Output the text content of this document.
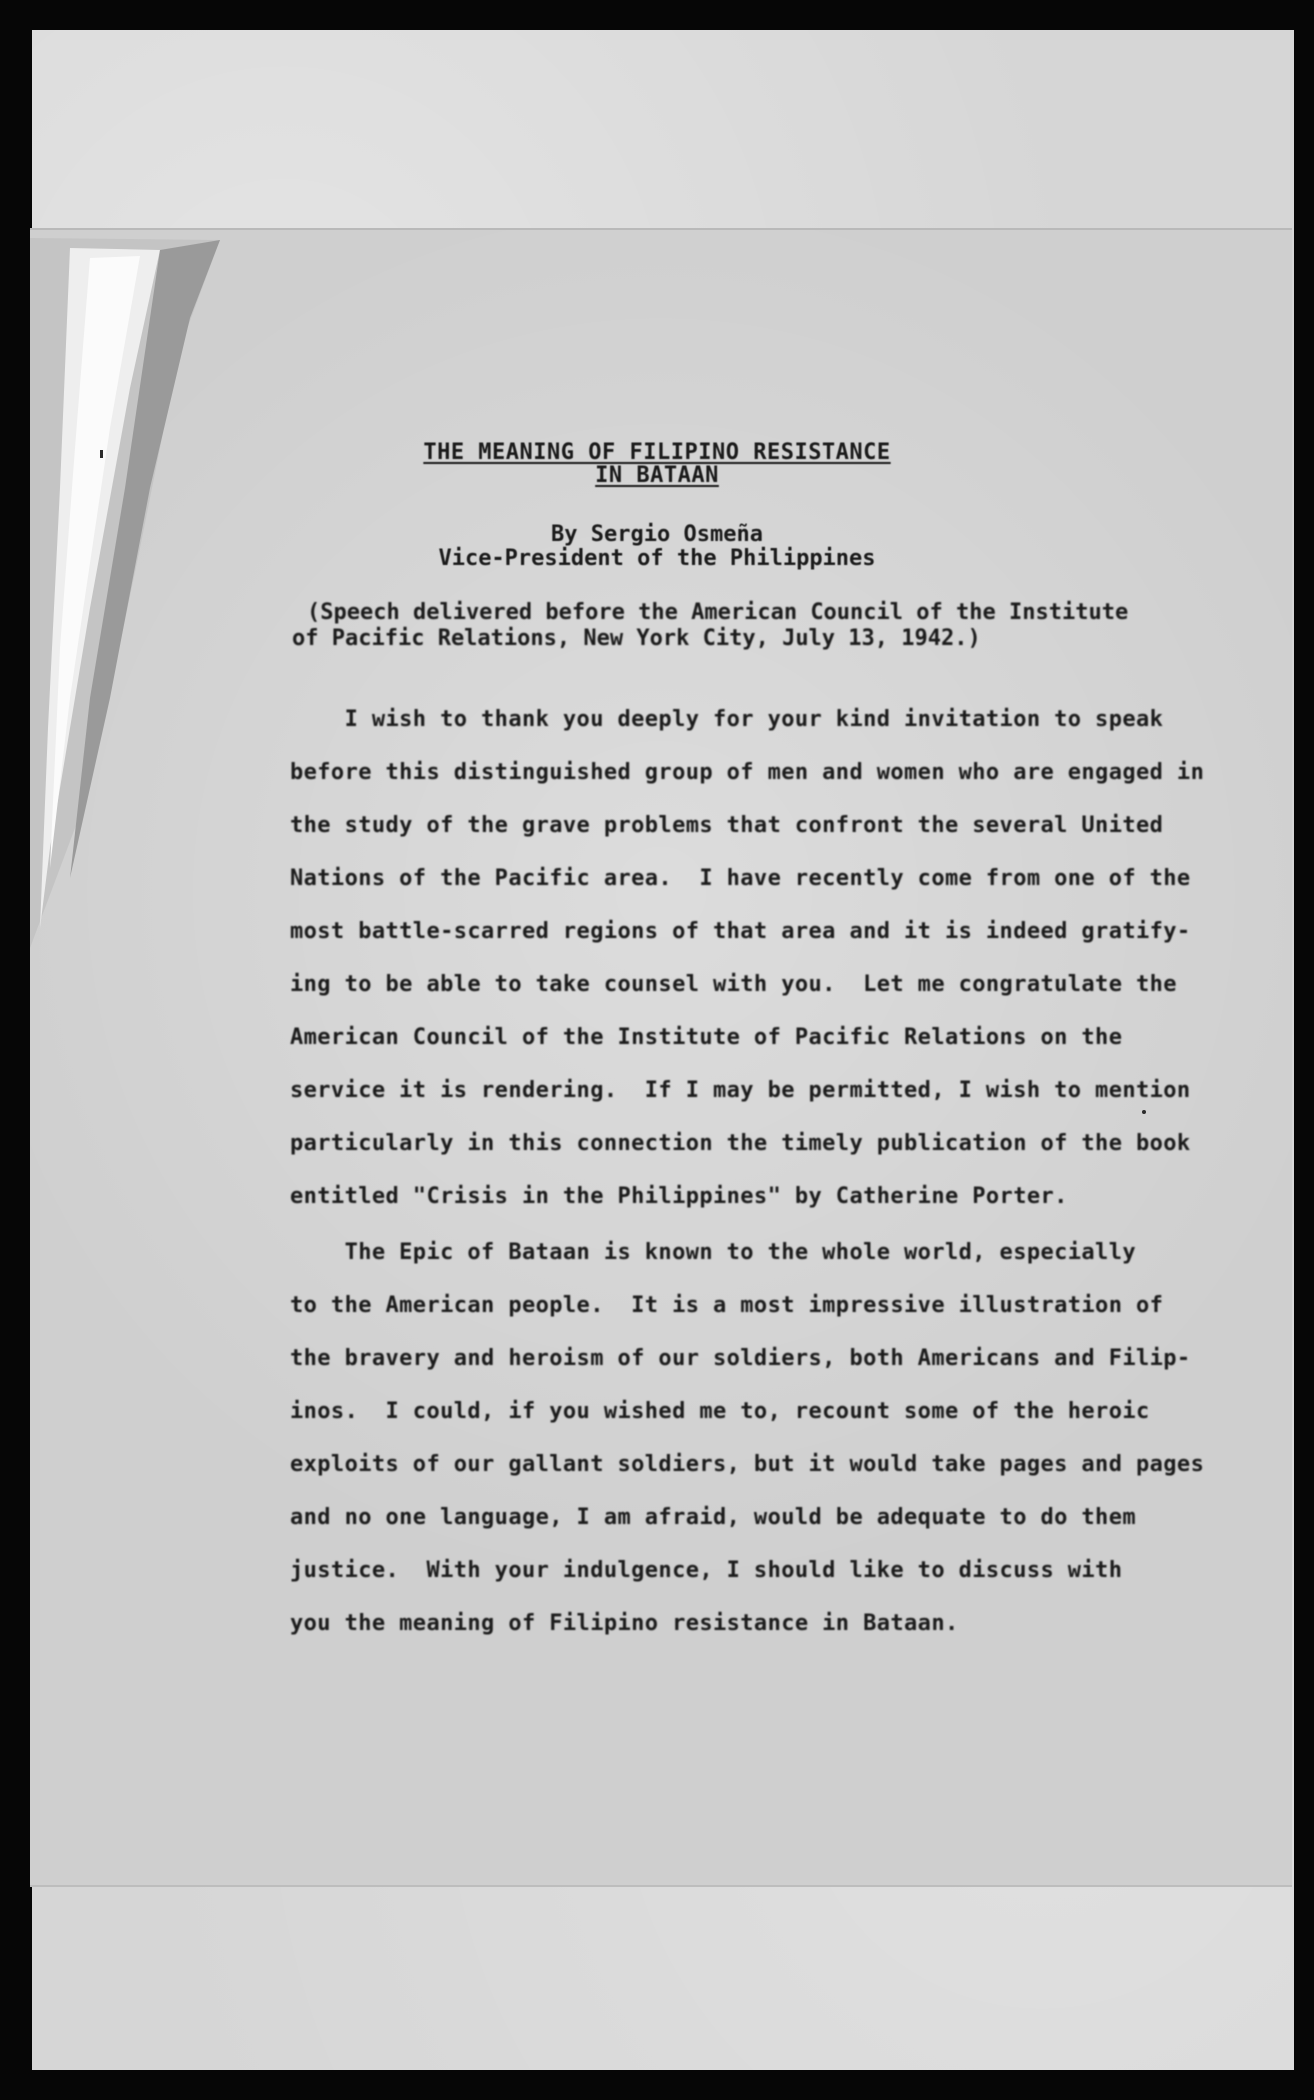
THE MEANING OF FILIPINO RESISTANCE
IN BATAAN
By Sergio Osmeña
Vice-President of the Philippines
(Speech delivered before the American Council of the Institute
of Pacific Relations, New York City, July 13, 1942.)
I wish to thank you deeply for your kind invitation to speak
before this distinguished group of men and women who are engaged in
the study of the grave problems that confront the several United
Nations of the Pacific area.  I have recently come from one of the
most battle-scarred regions of that area and it is indeed gratify-
ing to be able to take counsel with you.  Let me congratulate the
American Council of the Institute of Pacific Relations on the
service it is rendering.  If I may be permitted, I wish to mention
particularly in this connection the timely publication of the book
entitled "Crisis in the Philippines" by Catherine Porter.
The Epic of Bataan is known to the whole world, especially
to the American people.  It is a most impressive illustration of
the bravery and heroism of our soldiers, both Americans and Filip-
inos.  I could, if you wished me to, recount some of the heroic
exploits of our gallant soldiers, but it would take pages and pages
and no one language, I am afraid, would be adequate to do them
justice.  With your indulgence, I should like to discuss with
you the meaning of Filipino resistance in Bataan.
